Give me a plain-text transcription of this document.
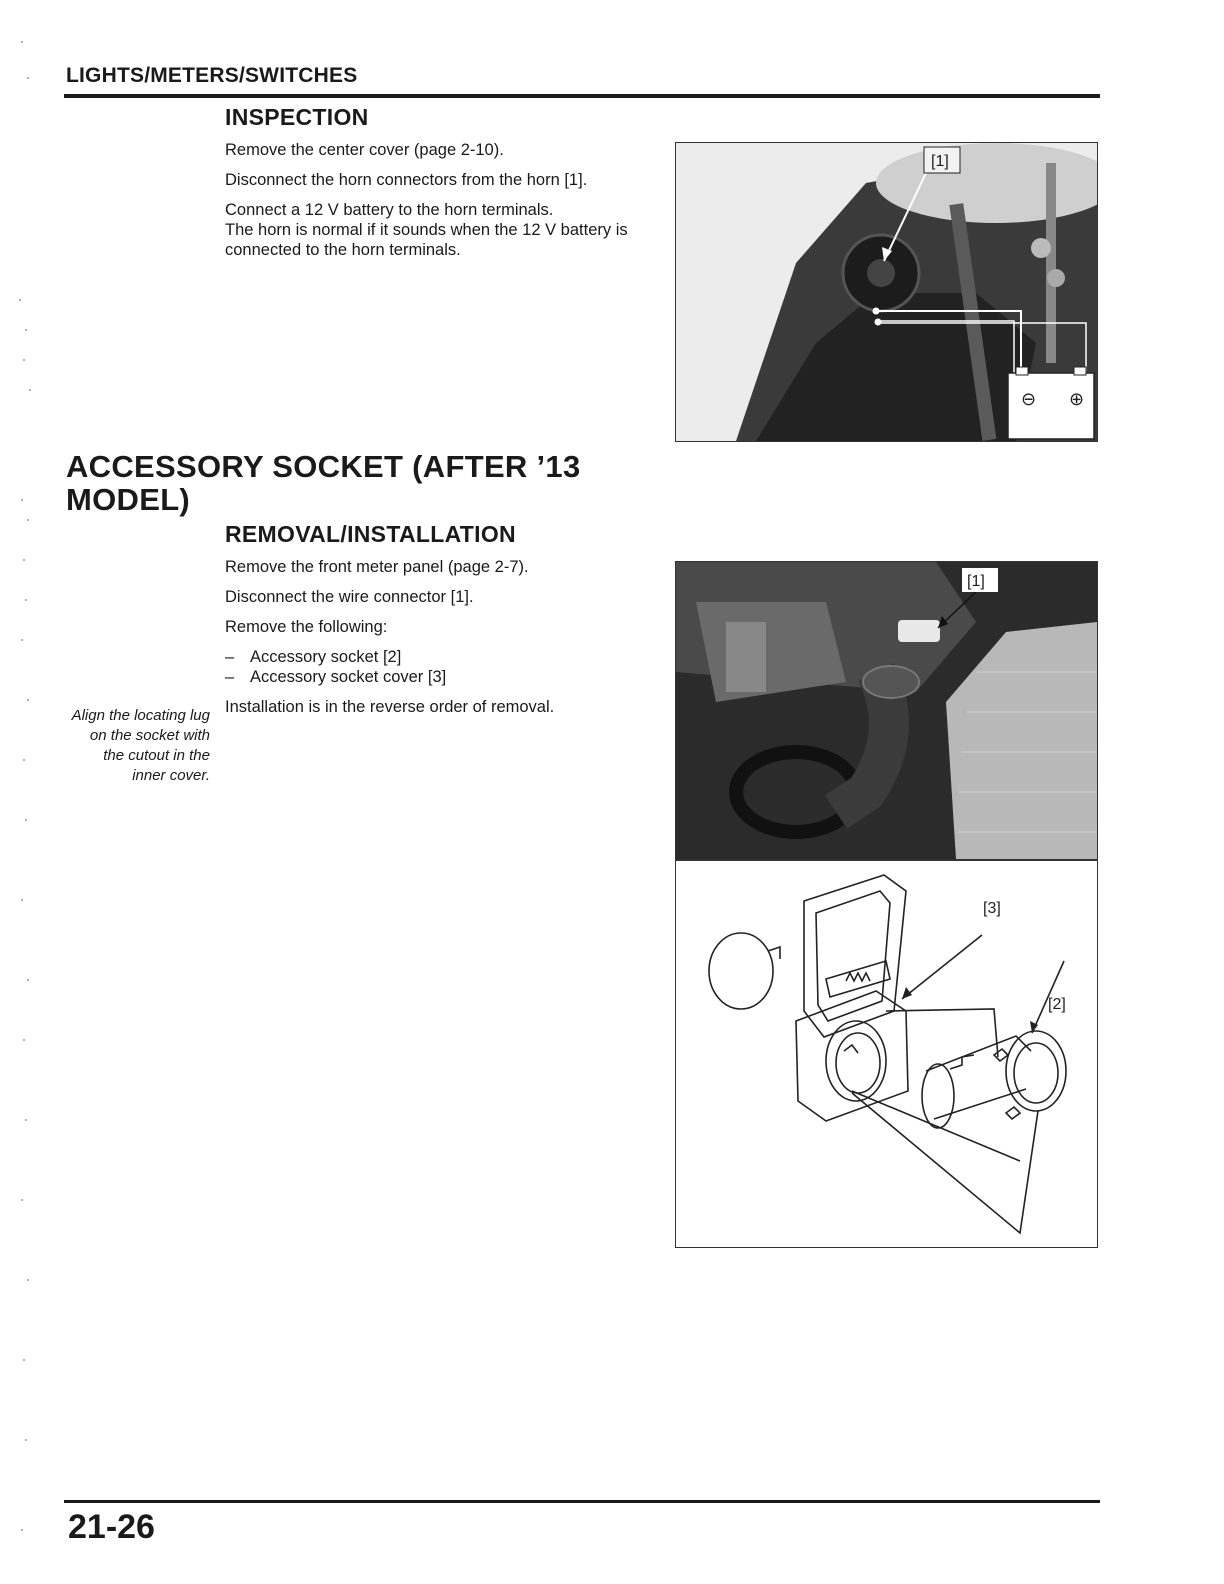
LIGHTS/METERS/SWITCHES
INSPECTION
Remove the center cover (page 2-10).
Disconnect the horn connectors from the horn [1].
Connect a 12 V battery to the horn terminals.
The horn is normal if it sounds when the 12 V battery is connected to the horn terminals.
⊖ ⊕
[1]
ACCESSORY SOCKET (AFTER ’13 MODEL)
REMOVAL/INSTALLATION
Remove the front meter panel (page 2-7).
Disconnect the wire connector [1].
Remove the following:
– Accessory socket [2]
– Accessory socket cover [3]
Installation is in the reverse order of removal.
Align the locating lug on the socket with the cutout in the inner cover.
[1]
[3]
[2]
21-26
